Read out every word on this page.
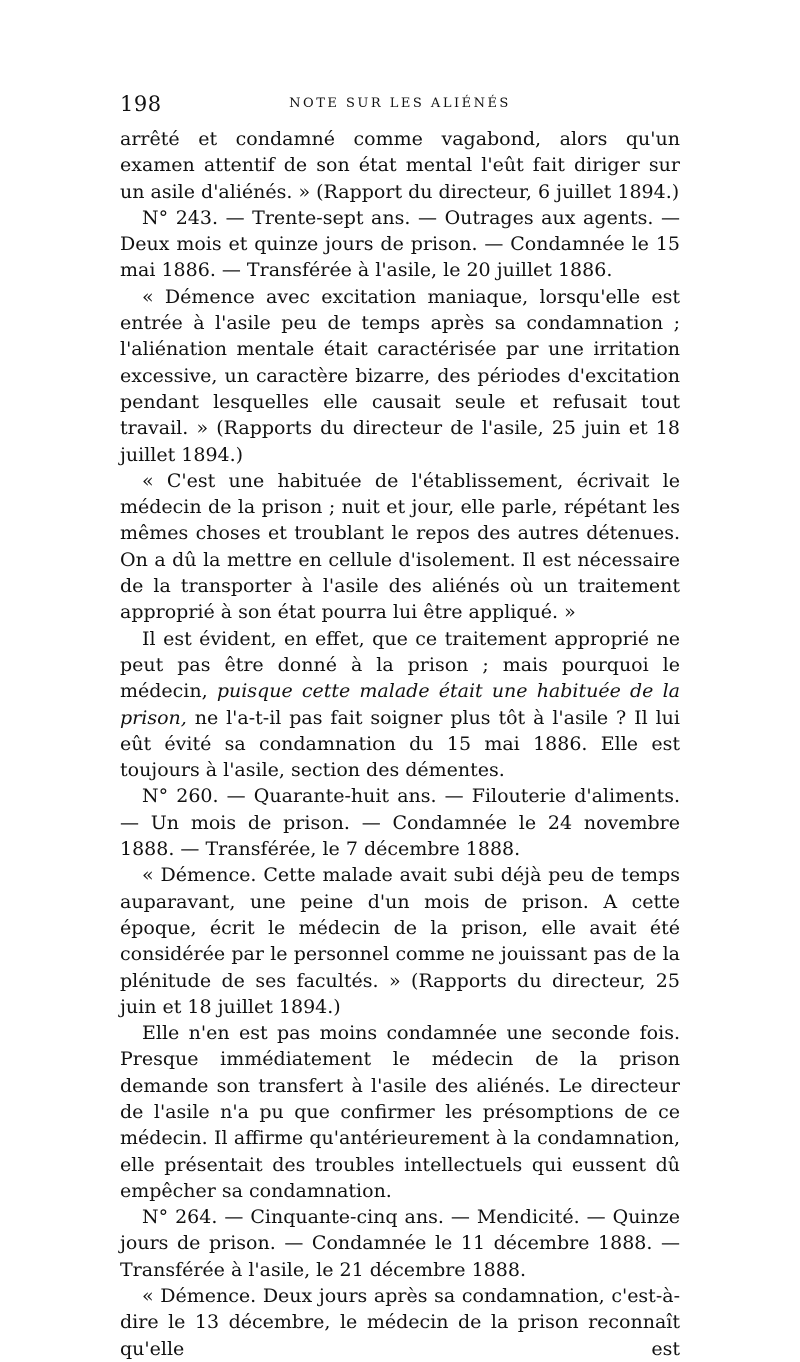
198	NOTE SUR LES ALIÉNÉS

arrêté et condamné comme vagabond, alors qu'un examen attentif de son état mental l'eût fait diriger sur un asile d'aliénés. » (Rapport du directeur, 6 juillet 1894.)

N° 243. — Trente-sept ans. — Outrages aux agents. — Deux mois et quinze jours de prison. — Condamnée le 15 mai 1886. — Transférée à l'asile, le 20 juillet 1886.

« Démence avec excitation maniaque, lorsqu'elle est entrée à l'asile peu de temps après sa condamnation ; l'aliénation mentale était caractérisée par une irritation excessive, un caractère bizarre, des périodes d'excitation pendant lesquelles elle causait seule et refusait tout travail. » (Rapports du directeur de l'asile, 25 juin et 18 juillet 1894.)

« C'est une habituée de l'établissement, écrivait le médecin de la prison ; nuit et jour, elle parle, répétant les mêmes choses et troublant le repos des autres détenues. On a dû la mettre en cellule d'isolement. Il est nécessaire de la transporter à l'asile des aliénés où un traitement approprié à son état pourra lui être appliqué. »

Il est évident, en effet, que ce traitement approprié ne peut pas être donné à la prison ; mais pourquoi le médecin, puisque cette malade était une habituée de la prison, ne l'a-t-il pas fait soigner plus tôt à l'asile ? Il lui eût évité sa condamnation du 15 mai 1886. Elle est toujours à l'asile, section des démentes.

N° 260. — Quarante-huit ans. — Filouterie d'aliments. — Un mois de prison. — Condamnée le 24 novembre 1888. — Transférée, le 7 décembre 1888.

« Démence. Cette malade avait subi déjà peu de temps auparavant, une peine d'un mois de prison. A cette époque, écrit le médecin de la prison, elle avait été considérée par le personnel comme ne jouissant pas de la plénitude de ses facultés. » (Rapports du directeur, 25 juin et 18 juillet 1894.)

Elle n'en est pas moins condamnée une seconde fois. Presque immédiatement le médecin de la prison demande son transfert à l'asile des aliénés. Le directeur de l'asile n'a pu que confirmer les présomptions de ce médecin. Il affirme qu'antérieurement à la condamnation, elle présentait des troubles intellectuels qui eussent dû empêcher sa condamnation.

N° 264. — Cinquante-cinq ans. — Mendicité. — Quinze jours de prison. — Condamnée le 11 décembre 1888. — Transférée à l'asile, le 21 décembre 1888.

« Démence. Deux jours après sa condamnation, c'est-à-dire le 13 décembre, le médecin de la prison reconnaît qu'elle est
